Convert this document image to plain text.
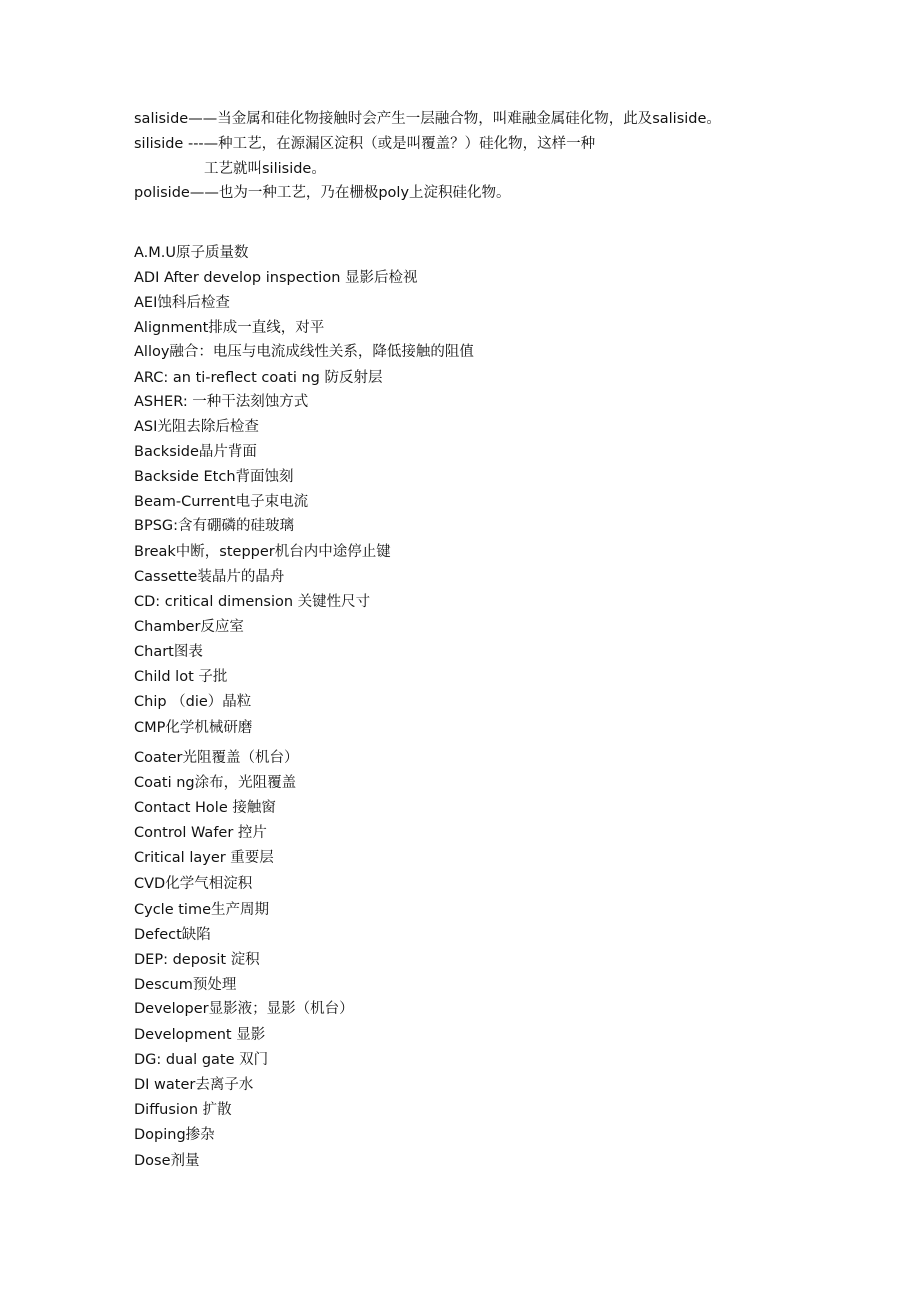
saliside——当金属和硅化物接触时会产生一层融合物，叫难融金属硅化物，此及saliside。
siliside ---—种工艺，在源漏区淀积（或是叫覆盖？）硅化物，这样一种
工艺就叫siliside。
poliside——也为一种工艺，乃在栅极poly上淀积硅化物。
A.M.U原子质量数
ADI After develop inspection 显影后检视
AEI蚀科后检查
Alignment排成一直线，对平
Alloy融合：电压与电流成线性关系，降低接触的阻值
ARC: an ti-reflect coati ng 防反射层
ASHER: 一种干法刻蚀方式
ASI光阻去除后检查
Backside晶片背面
Backside Etch背面蚀刻
Beam-Current电子束电流
BPSG:含有硼磷的硅玻璃
Break中断，stepper机台内中途停止键
Cassette装晶片的晶舟
CD: critical dimension 关键性尺寸
Chamber反应室
Chart图表
Child lot 子批
Chip （die）晶粒
CMP化学机械研磨
Coater光阻覆盖（机台）
Coati ng涂布，光阻覆盖
Contact Hole 接触窗
Control Wafer 控片
Critical layer 重要层
CVD化学气相淀积
Cycle time生产周期
Defect缺陷
DEP: deposit 淀积
Descum预处理
Developer显影液；显影（机台）
Development 显影
DG: dual gate 双门
DI water去离子水
Diffusion 扩散
Doping掺杂
Dose剂量
